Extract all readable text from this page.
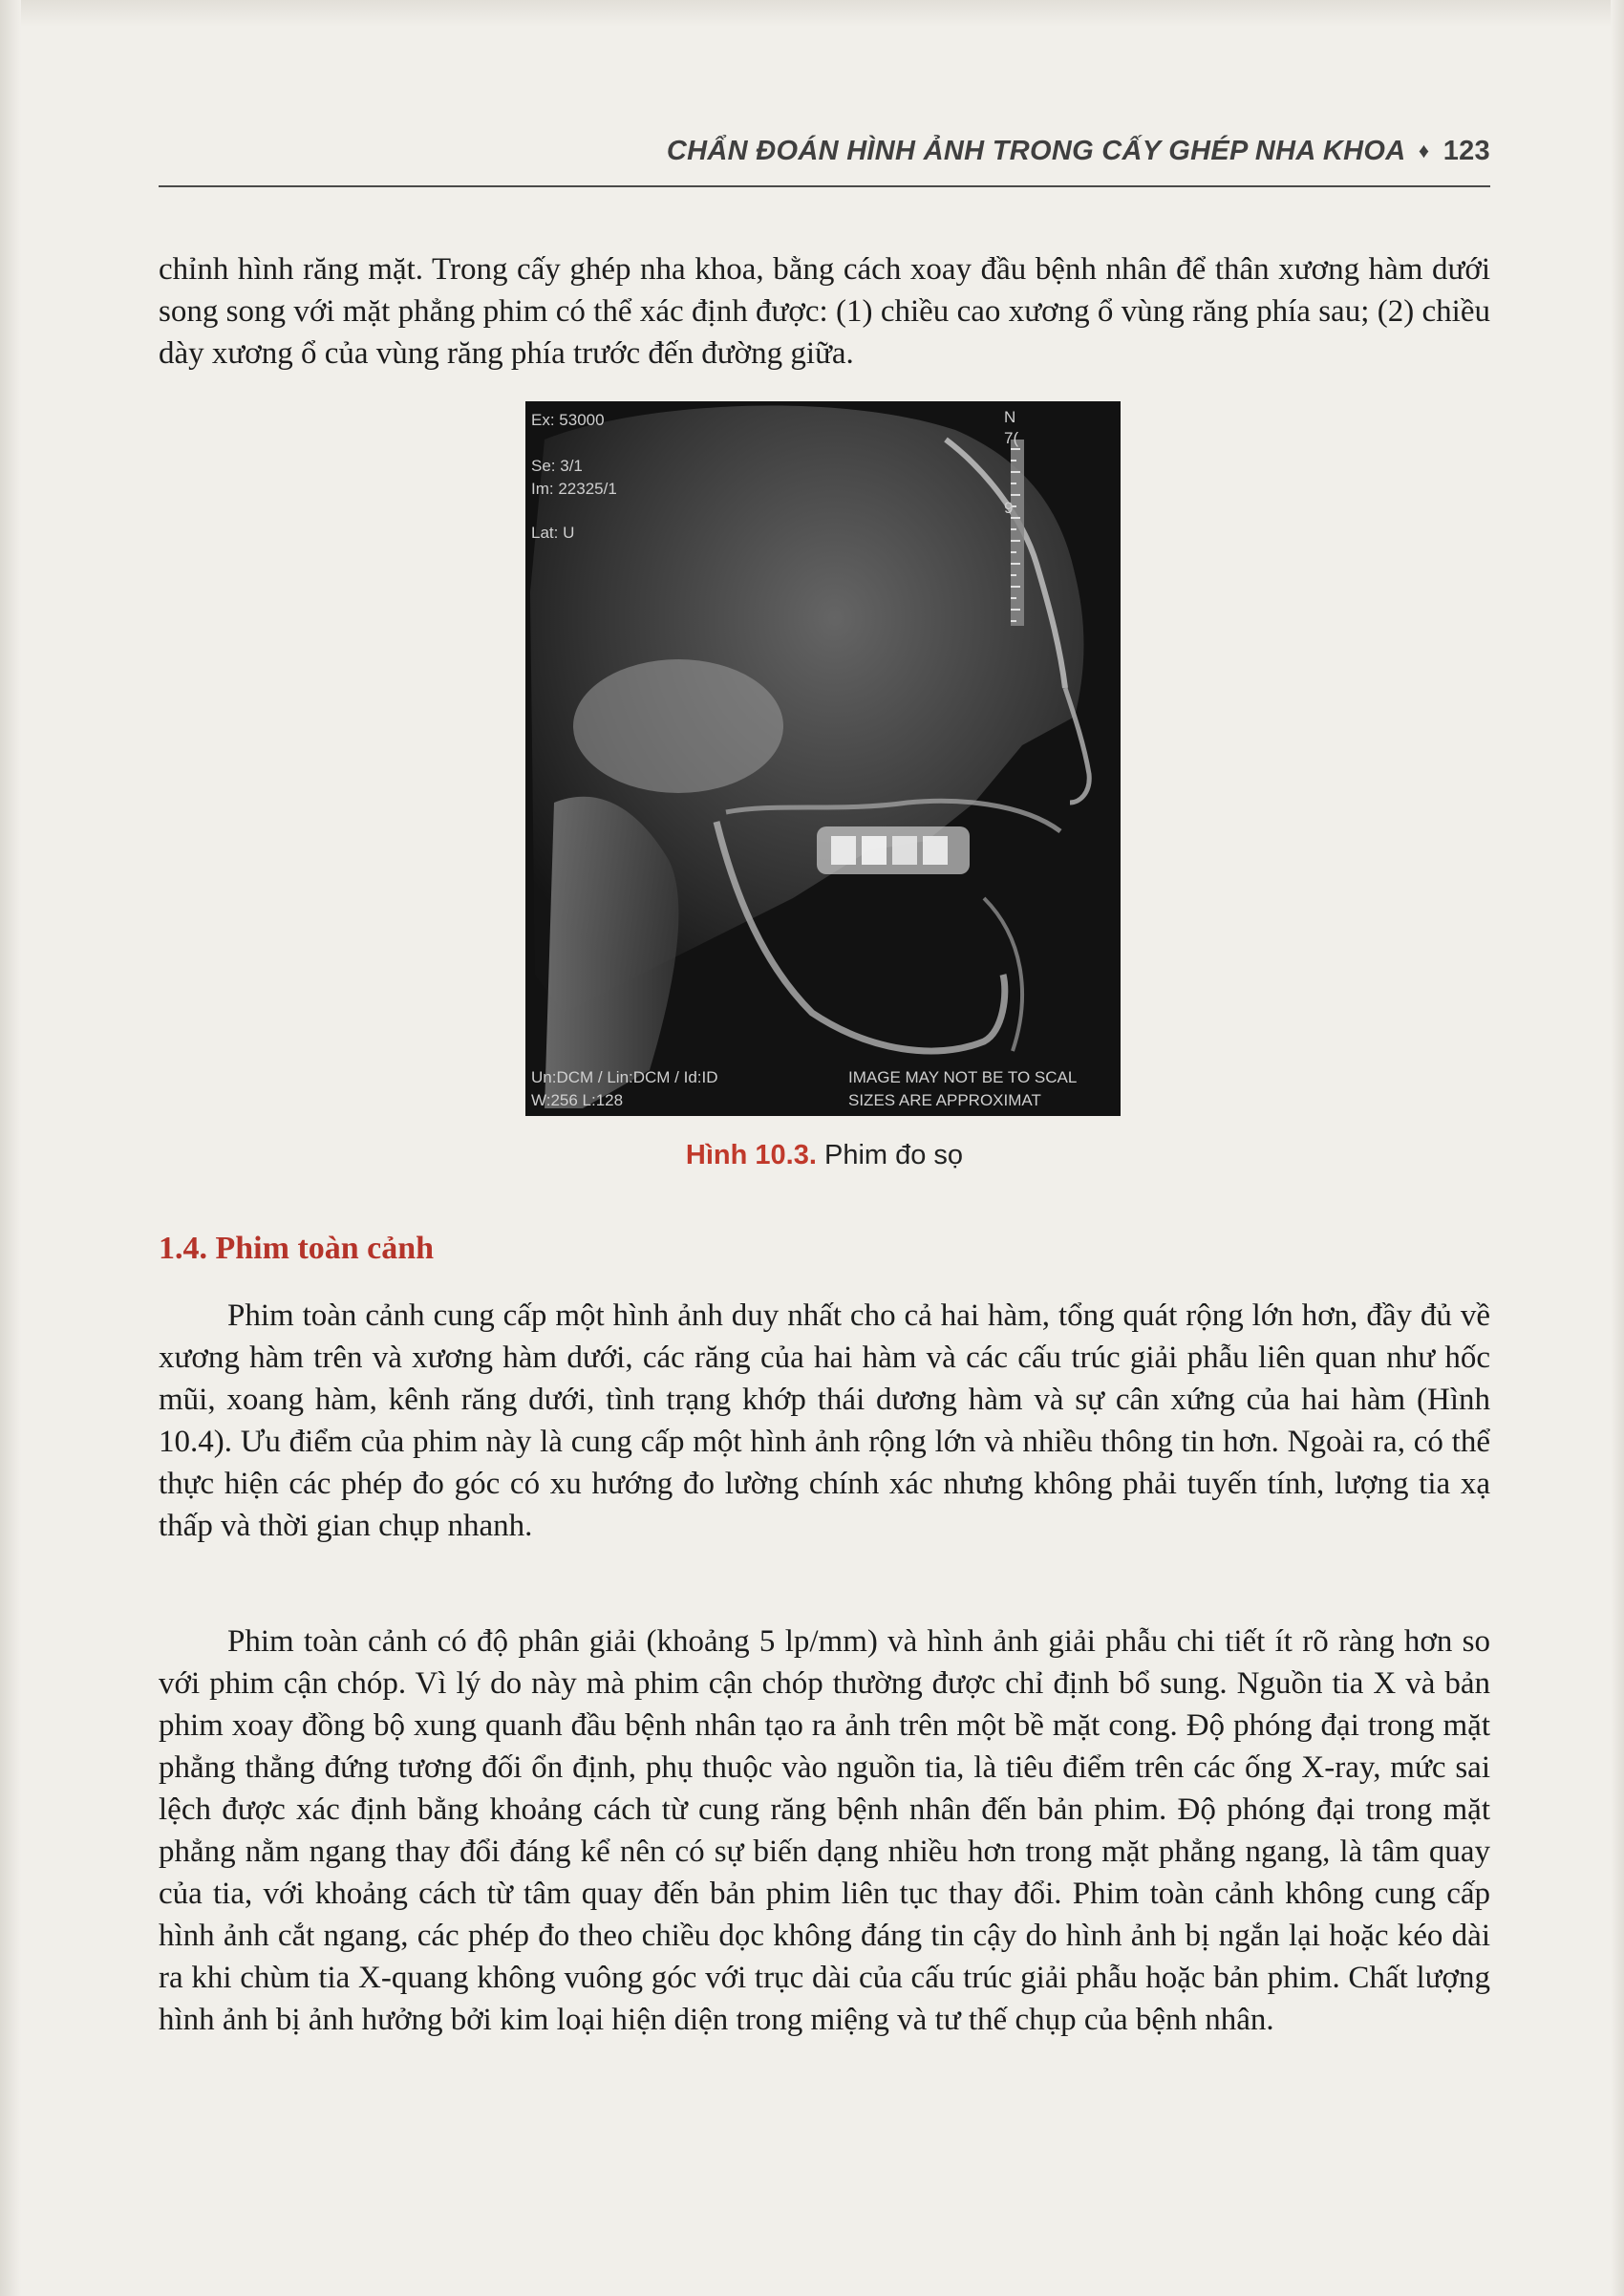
CHẨN ĐOÁN HÌNH ẢNH TRONG CẤY GHÉP NHA KHOA ♦ 123

chỉnh hình răng mặt. Trong cấy ghép nha khoa, bằng cách xoay đầu bệnh nhân để thân xương hàm dưới song song với mặt phẳng phim có thể xác định được: (1) chiều cao xương ổ vùng răng phía sau; (2) chiều dày xương ổ của vùng răng phía trước đến đường giữa.

Ex: 53000
Se: 3/1
Im: 22325/1
Lat: U
N
7(
9
Un:DCM / Lin:DCM / Id:ID
W:256 L:128
IMAGE MAY NOT BE TO SCAL
SIZES ARE APPROXIMAT
Hình 10.3. Phim đo sọ
1.4. Phim toàn cảnh

Phim toàn cảnh cung cấp một hình ảnh duy nhất cho cả hai hàm, tổng quát rộng lớn hơn, đầy đủ về xương hàm trên và xương hàm dưới, các răng của hai hàm và các cấu trúc giải phẫu liên quan như hốc mũi, xoang hàm, kênh răng dưới, tình trạng khớp thái dương hàm và sự cân xứng của hai hàm (Hình 10.4). Ưu điểm của phim này là cung cấp một hình ảnh rộng lớn và nhiều thông tin hơn. Ngoài ra, có thể thực hiện các phép đo góc có xu hướng đo lường chính xác nhưng không phải tuyến tính, lượng tia xạ thấp và thời gian chụp nhanh.

Phim toàn cảnh có độ phân giải (khoảng 5 lp/mm) và hình ảnh giải phẫu chi tiết ít rõ ràng hơn so với phim cận chóp. Vì lý do này mà phim cận chóp thường được chỉ định bổ sung. Nguồn tia X và bản phim xoay đồng bộ xung quanh đầu bệnh nhân tạo ra ảnh trên một bề mặt cong. Độ phóng đại trong mặt phẳng thẳng đứng tương đối ổn định, phụ thuộc vào nguồn tia, là tiêu điểm trên các ống X-ray, mức sai lệch được xác định bằng khoảng cách từ cung răng bệnh nhân đến bản phim. Độ phóng đại trong mặt phẳng nằm ngang thay đổi đáng kể nên có sự biến dạng nhiều hơn trong mặt phẳng ngang, là tâm quay của tia, với khoảng cách từ tâm quay đến bản phim liên tục thay đổi. Phim toàn cảnh không cung cấp hình ảnh cắt ngang, các phép đo theo chiều dọc không đáng tin cậy do hình ảnh bị ngắn lại hoặc kéo dài ra khi chùm tia X-quang không vuông góc với trục dài của cấu trúc giải phẫu hoặc bản phim. Chất lượng hình ảnh bị ảnh hưởng bởi kim loại hiện diện trong miệng và tư thế chụp của bệnh nhân.
